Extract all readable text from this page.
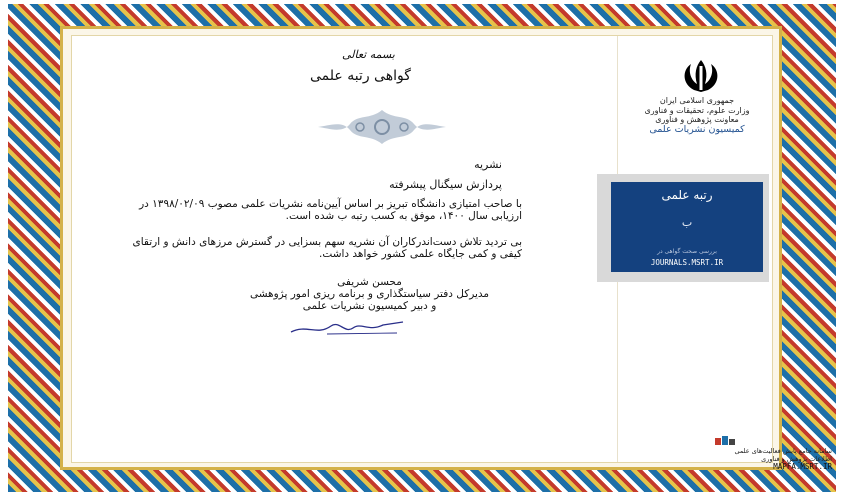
بسمه تعالی
گواهی رتبه علمی
نشریه
پردازش سیگنال پیشرفته
با صاحب امتیازی دانشگاه تبریز بر اساس آیین‌نامه نشریات علمی مصوب ۱۳۹۸/۰۲/۰۹ در ارزیابی سال ۱۴۰۰، موفق به کسب رتبه ب شده است.
بی تردید تلاش دست‌اندرکاران آن نشریه سهم بسزایی در گسترش مرزهای دانش و ارتقای کیفی و کمی جایگاه علمی کشور خواهد داشت.
محسن شریفی
مدیرکل دفتر سیاستگذاری و برنامه ریزی امور پژوهشی و دبیر کمیسیون نشریات علمی
جمهوری اسلامی ایران
وزارت علوم، تحقیقات و فناوری
معاونت پژوهش و فناوری
کمیسیون نشریات علمی
رتبه علمی
ب
بررسی صحت گواهی در
JOURNALS.MSRT.IR
سامانه جامع پایش فعالیت‌های علمی
اطلاعات پژوهش و فناوری
MAPFA.MSRT.IR
